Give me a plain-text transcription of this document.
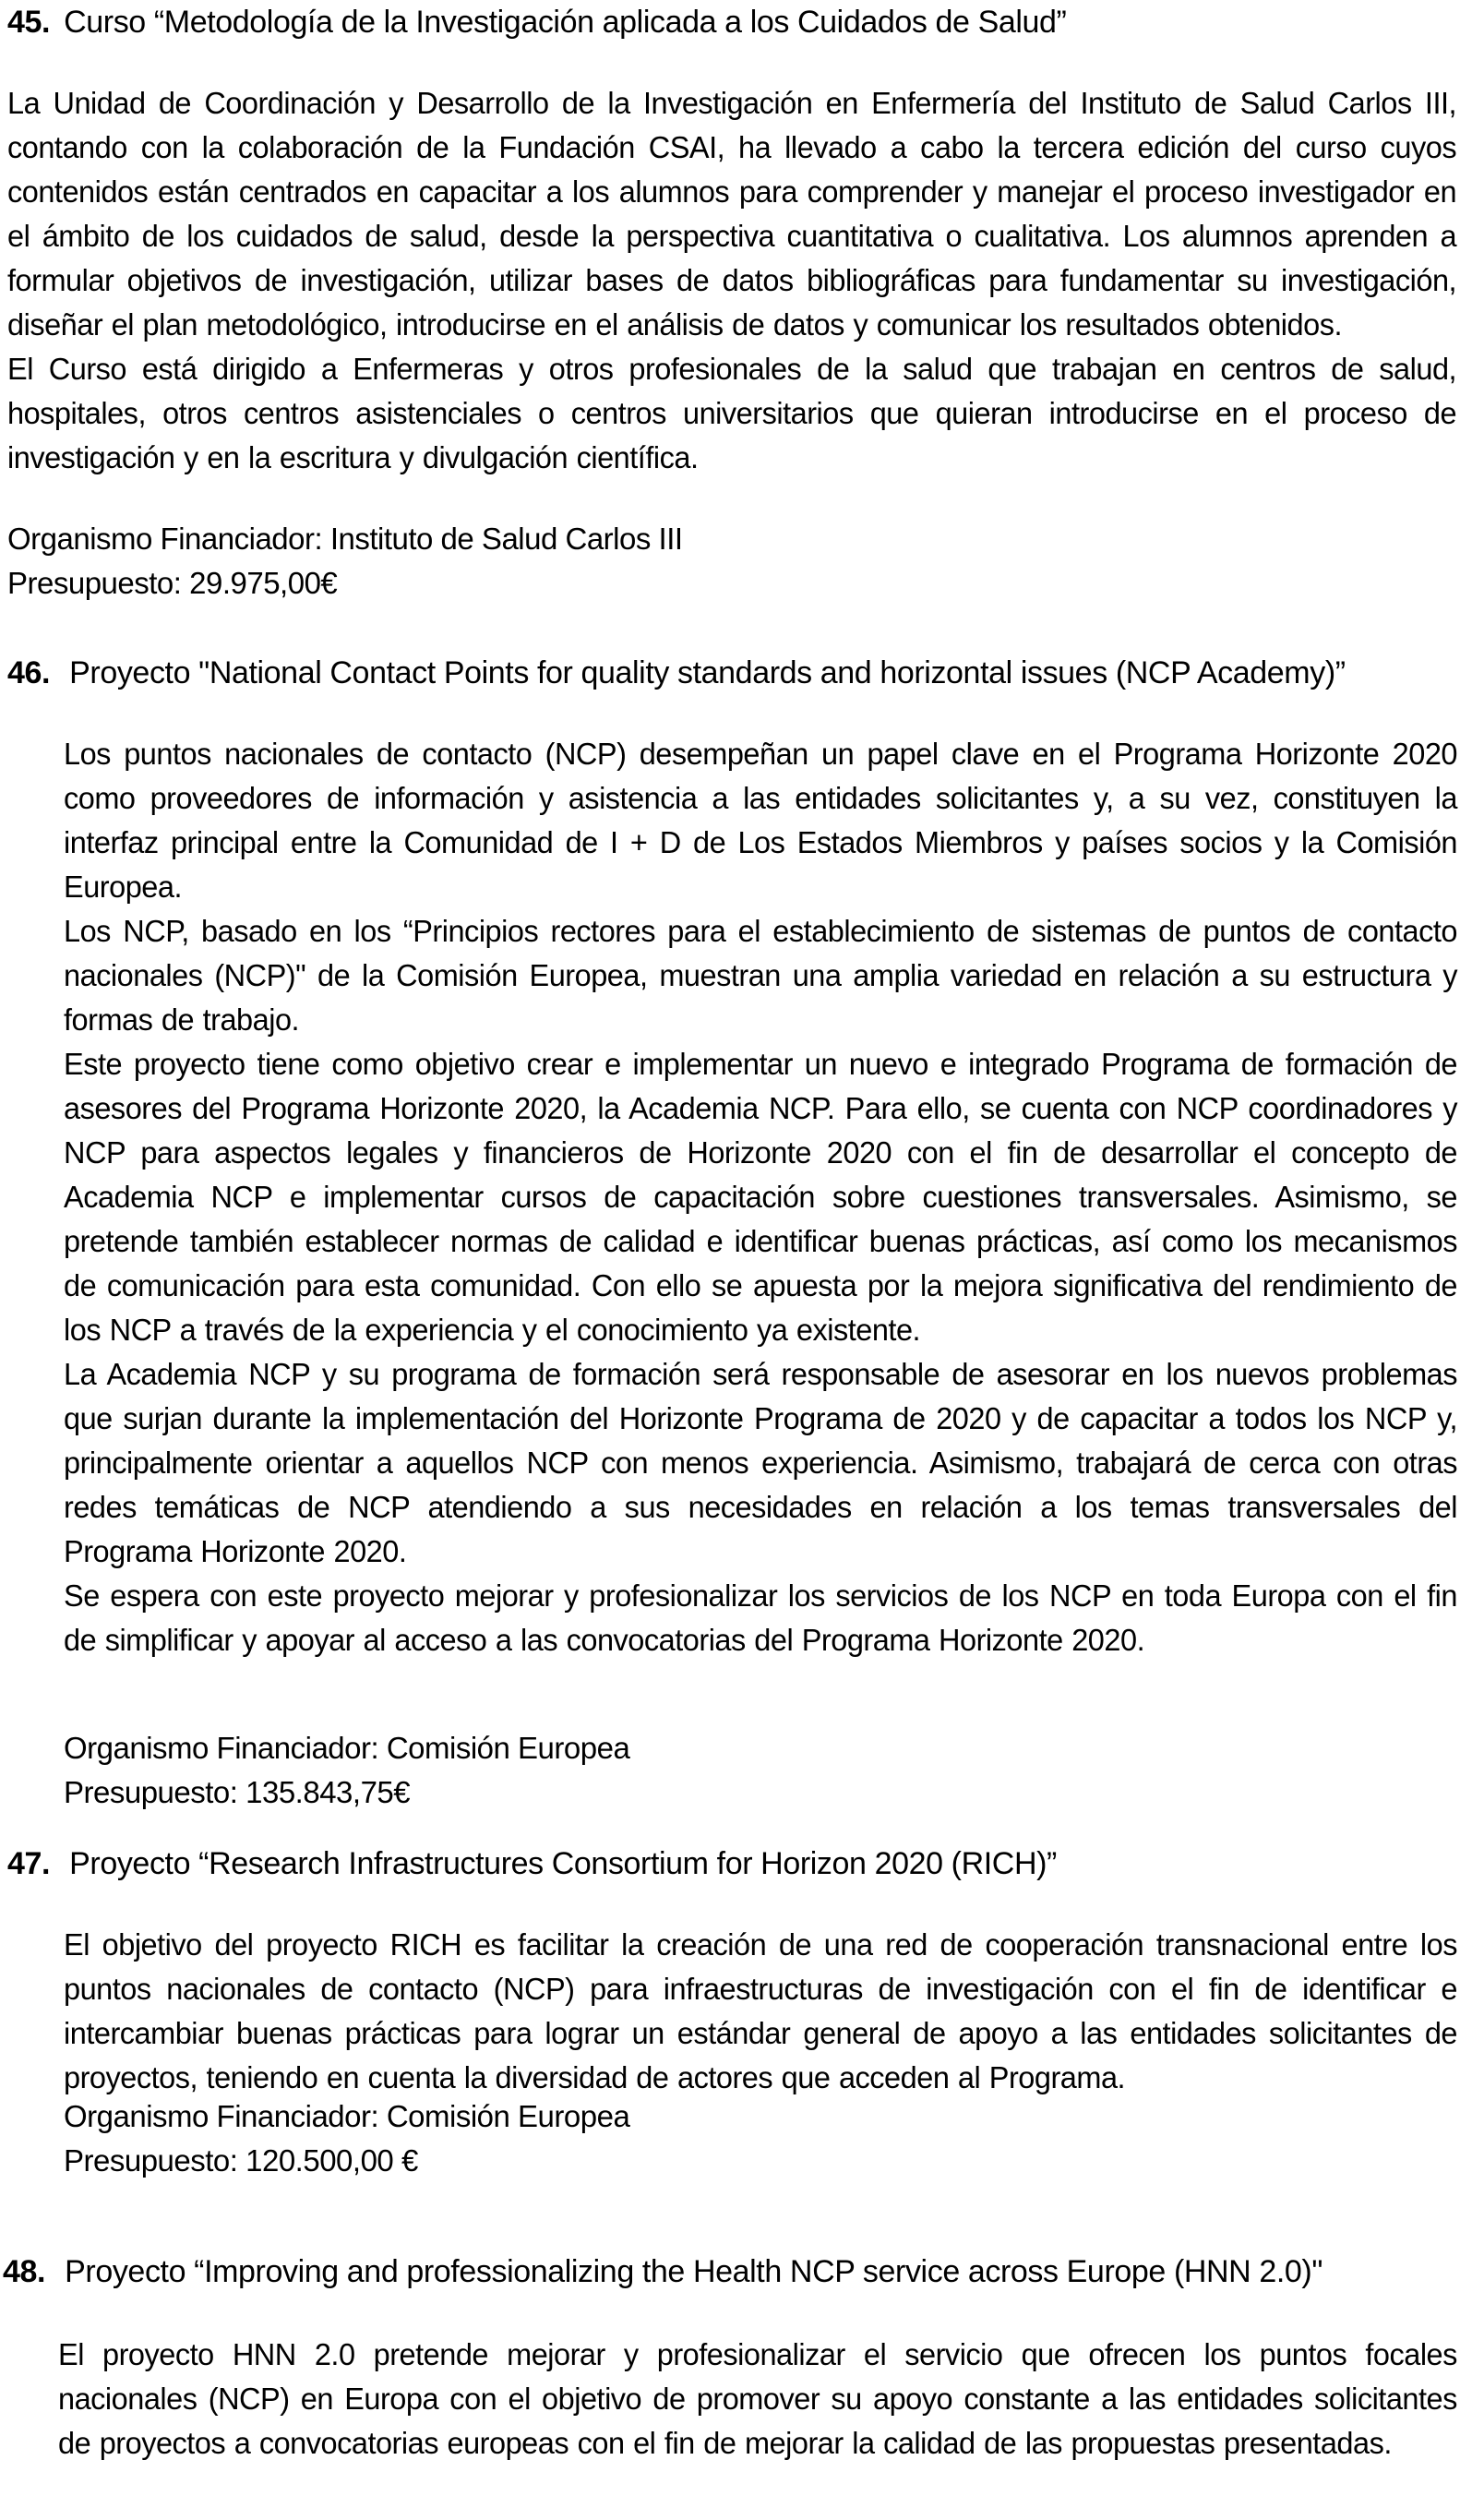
45. Curso “Metodología de la Investigación aplicada a los Cuidados de Salud”

La Unidad de Coordinación y Desarrollo de la Investigación en Enfermería del Instituto de Salud Carlos III, contando con la colaboración de la Fundación CSAI, ha llevado a cabo la tercera edición del curso cuyos contenidos están centrados en capacitar a los alumnos para comprender y manejar el proceso investigador en el ámbito de los cuidados de salud, desde la perspectiva cuantitativa o cualitativa. Los alumnos aprenden a formular objetivos de investigación, utilizar bases de datos bibliográficas para fundamentar su investigación, diseñar el plan metodológico, introducirse en el análisis de datos y comunicar los resultados obtenidos.

El Curso está dirigido a Enfermeras y otros profesionales de la salud que trabajan en centros de salud, hospitales, otros centros asistenciales o centros universitarios que quieran introducirse en el proceso de investigación y en la escritura y divulgación científica.

Organismo Financiador: Instituto de Salud Carlos III

Presupuesto: 29.975,00€

46. Proyecto "National Contact Points for quality standards and horizontal issues (NCP Academy)”

Los puntos nacionales de contacto (NCP) desempeñan un papel clave en el Programa Horizonte 2020 como proveedores de información y asistencia a las entidades solicitantes y, a su vez, constituyen la interfaz principal entre la Comunidad de I + D de Los Estados Miembros y países socios y la Comisión Europea.

Los NCP, basado en los “Principios rectores para el establecimiento de sistemas de puntos de contacto nacionales (NCP)" de la Comisión Europea, muestran una amplia variedad en relación a su estructura y formas de trabajo.

Este proyecto tiene como objetivo crear e implementar un nuevo e integrado Programa de formación de asesores del Programa Horizonte 2020, la Academia NCP. Para ello, se cuenta con NCP coordinadores y NCP para aspectos legales y financieros de Horizonte 2020 con el fin de desarrollar el concepto de Academia NCP e implementar cursos de capacitación sobre cuestiones transversales. Asimismo, se pretende también establecer normas de calidad e identificar buenas prácticas, así como los mecanismos de comunicación para esta comunidad. Con ello se apuesta por la mejora significativa del rendimiento de los NCP a través de la experiencia y el conocimiento ya existente.

La Academia NCP y su programa de formación será responsable de asesorar en los nuevos problemas que surjan durante la implementación del Horizonte Programa de 2020 y de capacitar a todos los NCP y, principalmente orientar a aquellos NCP con menos experiencia. Asimismo, trabajará de cerca con otras redes temáticas de NCP atendiendo a sus necesidades en relación a los temas transversales del Programa Horizonte 2020.

Se espera con este proyecto mejorar y profesionalizar los servicios de los NCP en toda Europa con el fin de simplificar y apoyar al acceso a las convocatorias del Programa Horizonte 2020.

Organismo Financiador: Comisión Europea

Presupuesto: 135.843,75€

47. Proyecto “Research Infrastructures Consortium for Horizon 2020 (RICH)”

El objetivo del proyecto RICH es facilitar la creación de una red de cooperación transnacional entre los puntos nacionales de contacto (NCP) para infraestructuras de investigación con el fin de identificar e intercambiar buenas prácticas para lograr un estándar general de apoyo a las entidades solicitantes de proyectos, teniendo en cuenta la diversidad de actores que acceden al Programa.

Organismo Financiador: Comisión Europea

Presupuesto: 120.500,00 €

48. Proyecto “Improving and professionalizing the Health NCP service across Europe (HNN 2.0)"

El proyecto HNN 2.0 pretende mejorar y profesionalizar el servicio que ofrecen los puntos focales nacionales (NCP) en Europa con el objetivo de promover su apoyo constante a las entidades solicitantes de proyectos a convocatorias europeas con el fin de mejorar la calidad de las propuestas presentadas.
